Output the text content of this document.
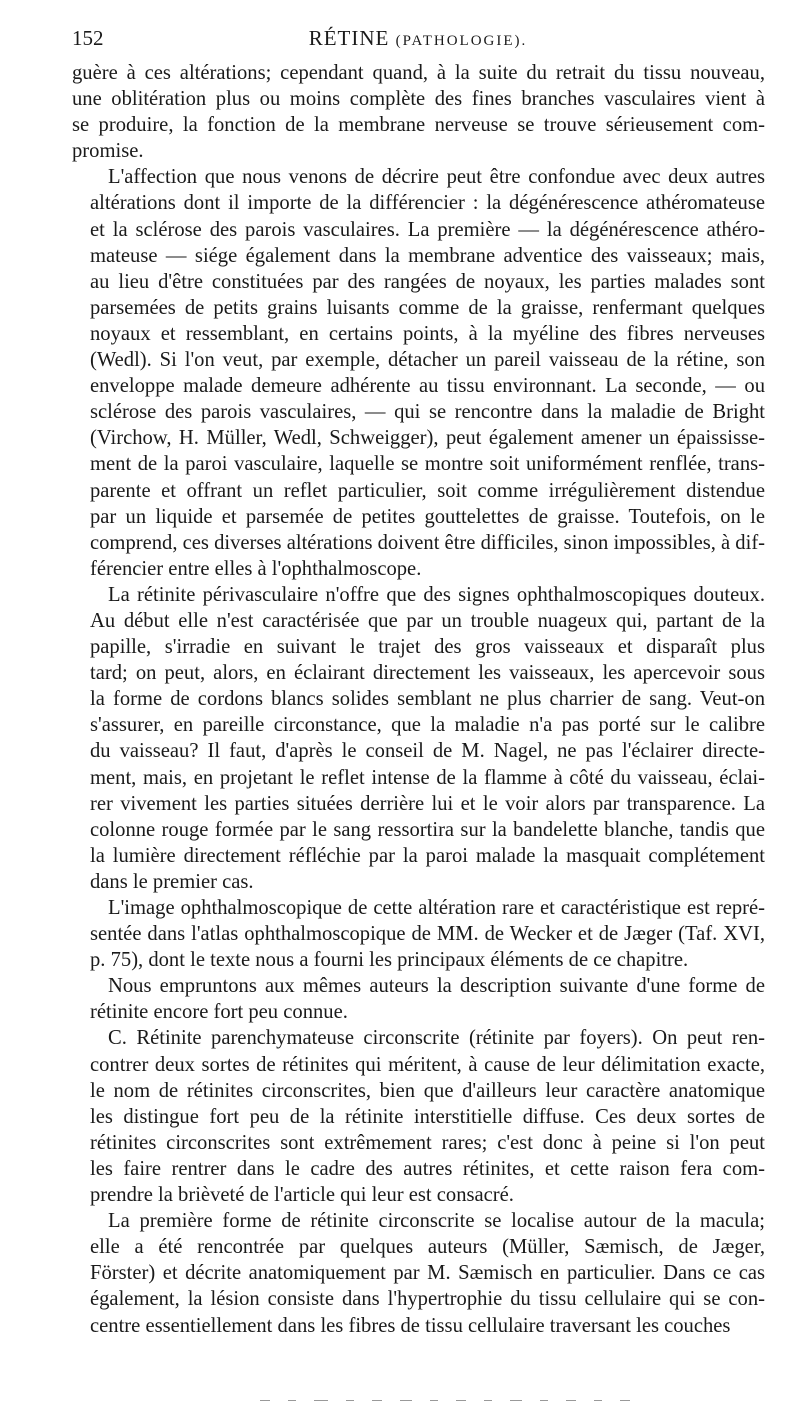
152	RÉTINE (PATHOLOGIE).
guère à ces altérations; cependant quand, à la suite du retrait du tissu nouveau,
une oblitération plus ou moins complète des fines branches vasculaires vient à
se produire, la fonction de la membrane nerveuse se trouve sérieusement com-
promise.
L'affection que nous venons de décrire peut être confondue avec deux autres
altérations dont il importe de la différencier : la dégénérescence athéromateuse
et la sclérose des parois vasculaires. La première — la dégénérescence athéro-
mateuse — siége également dans la membrane adventice des vaisseaux; mais,
au lieu d'être constituées par des rangées de noyaux, les parties malades sont
parsemées de petits grains luisants comme de la graisse, renfermant quelques
noyaux et ressemblant, en certains points, à la myéline des fibres nerveuses
(Wedl). Si l'on veut, par exemple, détacher un pareil vaisseau de la rétine, son
enveloppe malade demeure adhérente au tissu environnant. La seconde, — ou
sclérose des parois vasculaires, — qui se rencontre dans la maladie de Bright
(Virchow, H. Müller, Wedl, Schweigger), peut également amener un épaississe-
ment de la paroi vasculaire, laquelle se montre soit uniformément renflée, trans-
parente et offrant un reflet particulier, soit comme irrégulièrement distendue
par un liquide et parsemée de petites gouttelettes de graisse. Toutefois, on le
comprend, ces diverses altérations doivent être difficiles, sinon impossibles, à dif-
férencier entre elles à l'ophthalmoscope.
La rétinite périvasculaire n'offre que des signes ophthalmoscopiques douteux.
Au début elle n'est caractérisée que par un trouble nuageux qui, partant de la
papille, s'irradie en suivant le trajet des gros vaisseaux et disparaît plus
tard; on peut, alors, en éclairant directement les vaisseaux, les apercevoir sous
la forme de cordons blancs solides semblant ne plus charrier de sang. Veut-on
s'assurer, en pareille circonstance, que la maladie n'a pas porté sur le calibre
du vaisseau? Il faut, d'après le conseil de M. Nagel, ne pas l'éclairer directe-
ment, mais, en projetant le reflet intense de la flamme à côté du vaisseau, éclai-
rer vivement les parties situées derrière lui et le voir alors par transparence. La
colonne rouge formée par le sang ressortira sur la bandelette blanche, tandis que
la lumière directement réfléchie par la paroi malade la masquait complétement
dans le premier cas.
L'image ophthalmoscopique de cette altération rare et caractéristique est repré-
sentée dans l'atlas ophthalmoscopique de MM. de Wecker et de Jæger (Taf. XVI,
p. 75), dont le texte nous a fourni les principaux éléments de ce chapitre.
Nous empruntons aux mêmes auteurs la description suivante d'une forme de
rétinite encore fort peu connue.
C. Rétinite parenchymateuse circonscrite (rétinite par foyers). On peut ren-
contrer deux sortes de rétinites qui méritent, à cause de leur délimitation exacte,
le nom de rétinites circonscrites, bien que d'ailleurs leur caractère anatomique
les distingue fort peu de la rétinite interstitielle diffuse. Ces deux sortes de
rétinites circonscrites sont extrêmement rares; c'est donc à peine si l'on peut
les faire rentrer dans le cadre des autres rétinites, et cette raison fera com-
prendre la brièveté de l'article qui leur est consacré.
La première forme de rétinite circonscrite se localise autour de la macula;
elle a été rencontrée par quelques auteurs (Müller, Sæmisch, de Jæger,
Förster) et décrite anatomiquement par M. Sæmisch en particulier. Dans ce cas
également, la lésion consiste dans l'hypertrophie du tissu cellulaire qui se con-
centre essentiellement dans les fibres de tissu cellulaire traversant les couches
